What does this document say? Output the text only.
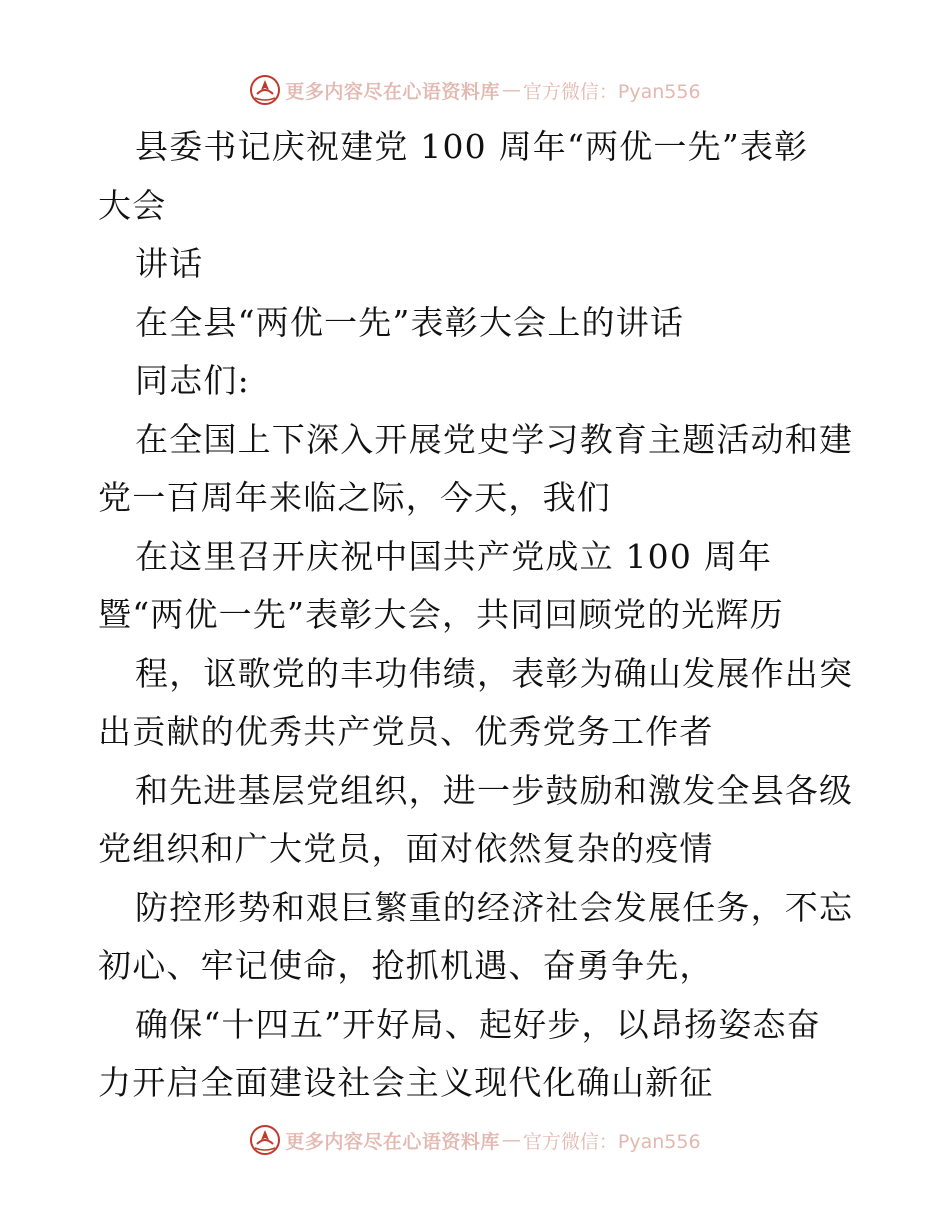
更多内容尽在心语资料库 — 官方微信：Pyan556
县委书记庆祝建党 100 周年“两优一先”表彰
大会
讲话
在全县“两优一先”表彰大会上的讲话
同志们:
在全国上下深入开展党史学习教育主题活动和建
党一百周年来临之际，今天，我们
在这里召开庆祝中国共产党成立 100 周年
暨“两优一先”表彰大会，共同回顾党的光辉历
程，讴歌党的丰功伟绩，表彰为确山发展作出突
出贡献的优秀共产党员、优秀党务工作者
和先进基层党组织，进一步鼓励和激发全县各级
党组织和广大党员，面对依然复杂的疫情
防控形势和艰巨繁重的经济社会发展任务，不忘
初心、牢记使命，抢抓机遇、奋勇争先，
确保“十四五”开好局、起好步，以昂扬姿态奋
力开启全面建设社会主义现代化确山新征
更多内容尽在心语资料库 — 官方微信：Pyan556
